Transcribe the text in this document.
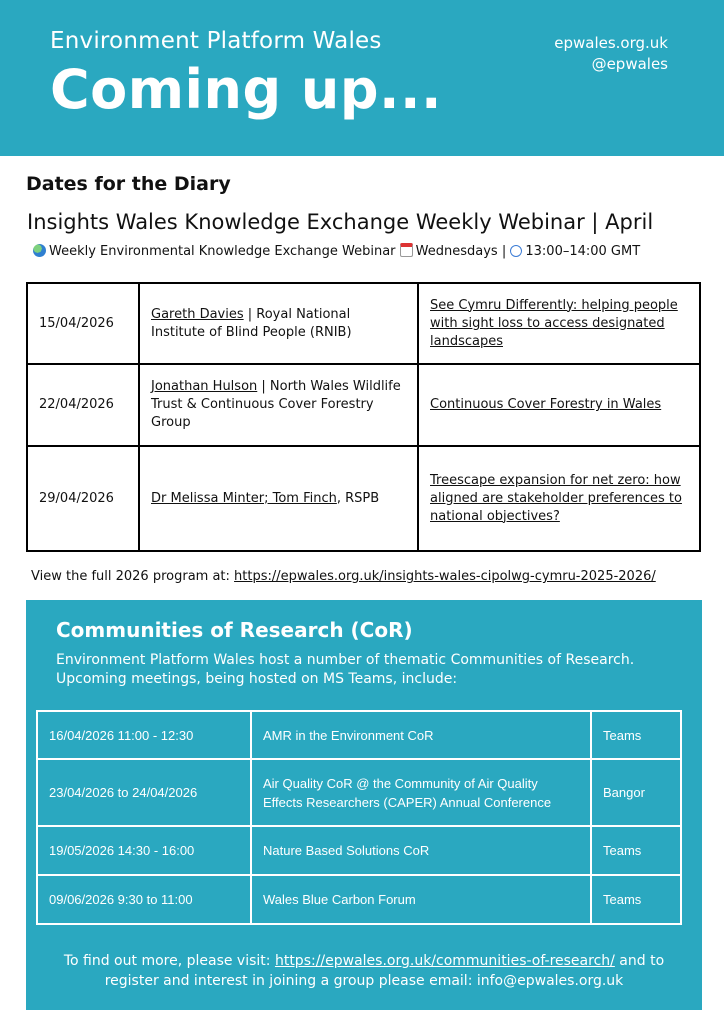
Environment Platform Wales
Coming up...
epwales.org.uk
@epwales
Dates for the Diary
Insights Wales Knowledge Exchange Weekly Webinar | April
Weekly Environmental Knowledge Exchange Webinar Wednesdays | 13:00–14:00 GMT
15/04/2026	Gareth Davies | Royal National Institute of Blind People (RNIB)	See Cymru Differently: helping people with sight loss to access designated landscapes
22/04/2026	Jonathan Hulson | North Wales Wildlife Trust & Continuous Cover Forestry Group	Continuous Cover Forestry in Wales
29/04/2026	Dr Melissa Minter; Tom Finch, RSPB	Treescape expansion for net zero: how aligned are stakeholder preferences to national objectives?
View the full 2026 program at: https://epwales.org.uk/insights-wales-cipolwg-cymru-2025-2026/
Communities of Research (CoR)
Environment Platform Wales host a number of thematic Communities of Research. Upcoming meetings, being hosted on MS Teams, include:
16/04/2026 11:00 - 12:30	AMR in the Environment CoR	Teams
23/04/2026 to 24/04/2026	Air Quality CoR @ the Community of Air Quality Effects Researchers (CAPER) Annual Conference	Bangor
19/05/2026 14:30 - 16:00	Nature Based Solutions CoR	Teams
09/06/2026 9:30 to 11:00	Wales Blue Carbon Forum	Teams
To find out more, please visit: https://epwales.org.uk/communities-of-research/ and to register and interest in joining a group please email: info@epwales.org.uk
